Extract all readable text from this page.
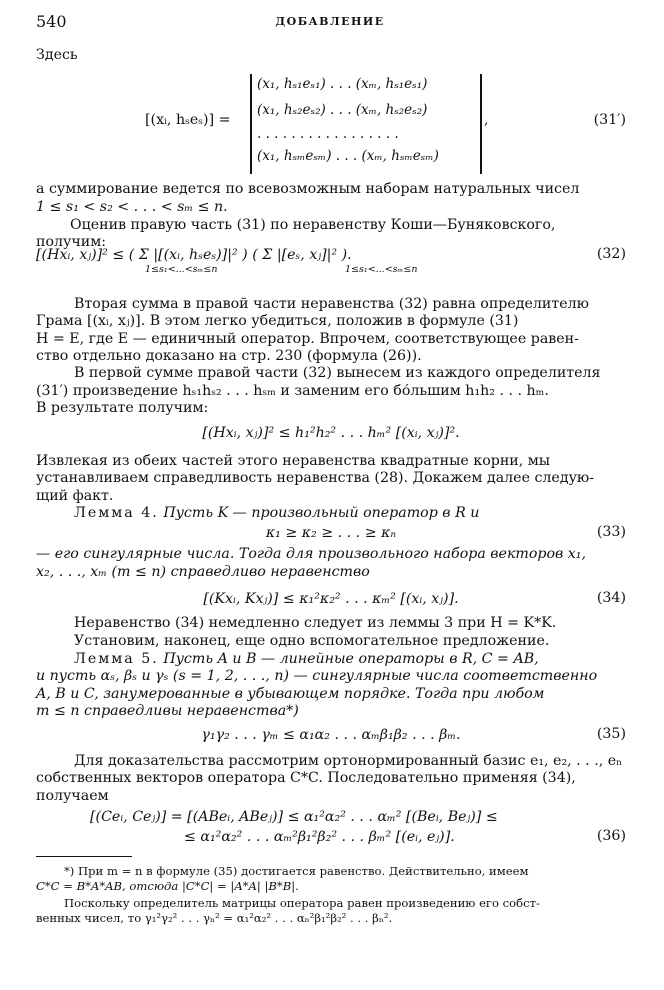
540	ДОБАВЛЕНИЕ
Здесь
[(xᵢ, hₛeₛ)] =
(x₁, hₛ₁eₛ₁) . . . (xₘ, hₛ₁eₛ₁)
(x₁, hₛ₂eₛ₂) . . . (xₘ, hₛ₂eₛ₂)
. . . . . . . . . . . . . . . . .
(x₁, hₛₘeₛₘ) . . . (xₘ, hₛₘeₛₘ)
,	(31′)
а суммирование ведется по всевозможным наборам натуральных чисел
1 ≤ s₁ < s₂ < . . . < sₘ ≤ n.
Оценив правую часть (31) по неравенству Коши—Буняковского,
получим:
[(Hxᵢ, xⱼ)]² ≤ ( Σ |[(xᵢ, hₛeₛ)]|² ) ( Σ |[eₛ, xⱼ]|² ).
1≤s₁<...<sₘ≤n	1≤s₁<...<sₘ≤n
(32)
Вторая сумма в правой части неравенства (32) равна определителю
Грама [(xᵢ, xⱼ)]. В этом легко убедиться, положив в формуле (31)
H = E, где E — единичный оператор. Впрочем, соответствующее равен-
ство отдельно доказано на стр. 230 (формула (26)).
В первой сумме правой части (32) вынесем из каждого определителя
(31′) произведение hₛ₁hₛ₂ . . . hₛₘ и заменим его бо́льшим h₁h₂ . . . hₘ.
В результате получим:
[(Hxᵢ, xⱼ)]² ≤ h₁²h₂² . . . hₘ² [(xᵢ, xⱼ)]².
Извлекая из обеих частей этого неравенства квадратные корни, мы
устанавливаем справедливость неравенства (28). Докажем далее следую-
щий факт.
Лемма 4. Пусть K — произвольный оператор в R и
κ₁ ≥ κ₂ ≥ . . . ≥ κₙ	(33)
— его сингулярные числа. Тогда для произвольного набора векторов x₁,
x₂, . . ., xₘ (m ≤ n) справедливо неравенство
[(Kxᵢ, Kxⱼ)] ≤ κ₁²κ₂² . . . κₘ² [(xᵢ, xⱼ)].	(34)
Неравенство (34) немедленно следует из леммы 3 при H = K*K.
Установим, наконец, еще одно вспомогательное предложение.
Лемма 5. Пусть A и B — линейные операторы в R, C = AB,
и пусть αₛ, βₛ и γₛ (s = 1, 2, . . ., n) — сингулярные числа соответственно
A, B и C, занумерованные в убывающем порядке. Тогда при любом
m ≤ n справедливы неравенства*)
γ₁γ₂ . . . γₘ ≤ α₁α₂ . . . αₘβ₁β₂ . . . βₘ.	(35)
Для доказательства рассмотрим ортонормированный базис e₁, e₂, . . ., eₙ
собственных векторов оператора C*C. Последовательно применяя (34),
получаем
[(Ceᵢ, Ceⱼ)] = [(ABeᵢ, ABeⱼ)] ≤ α₁²α₂² . . . αₘ² [(Beᵢ, Beⱼ)] ≤
≤ α₁²α₂² . . . αₘ²β₁²β₂² . . . βₘ² [(eᵢ, eⱼ)].	(36)
*) При m = n в формуле (35) достигается равенство. Действительно, имеем
C*C = B*A*AB, отсюда |C*C| = |A*A| |B*B|.
Поскольку определитель матрицы оператора равен произведению его собст-
венных чисел, то γ₁²γ₂² . . . γₙ² = α₁²α₂² . . . αₙ²β₁²β₂² . . . βₙ².
